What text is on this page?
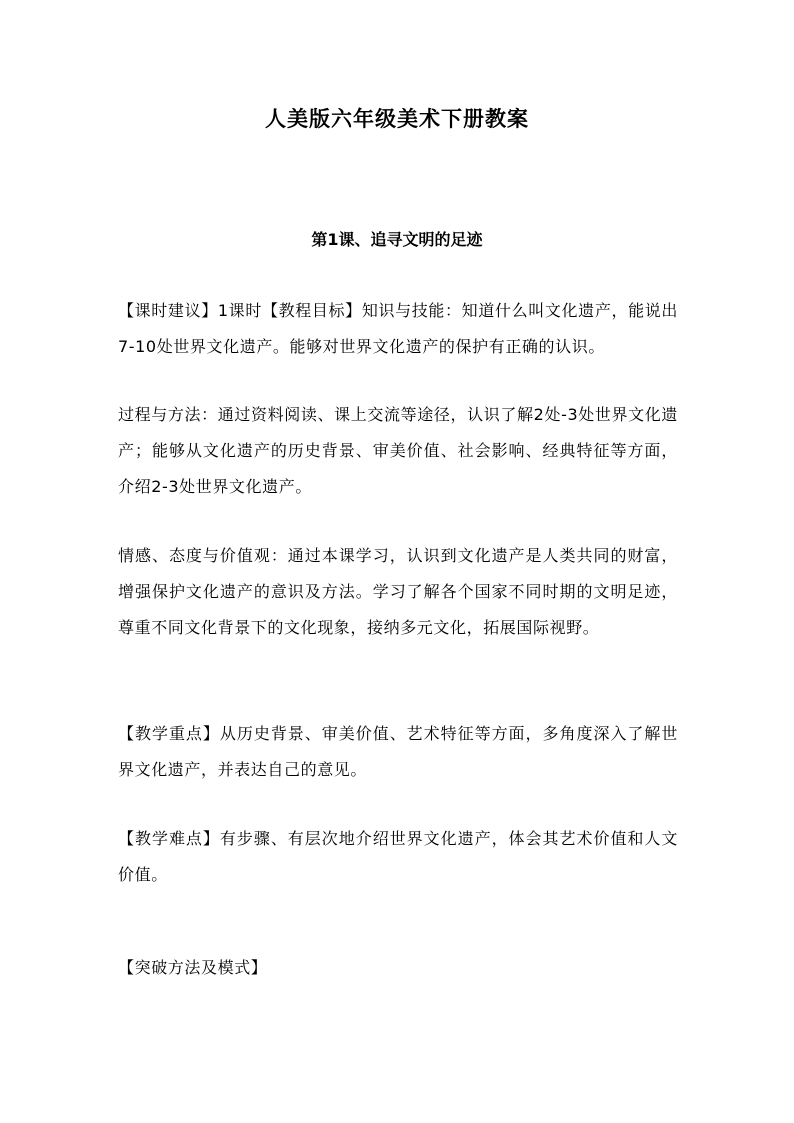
人美版六年级美术下册教案
第1课、追寻文明的足迹

【课时建议】1课时【教程目标】知识与技能：知道什么叫文化遗产，能说出7-10处世界文化遗产。能够对世界文化遗产的保护有正确的认识。

过程与方法：通过资料阅读、课上交流等途径，认识了解2处-3处世界文化遗产；能够从文化遗产的历史背景、审美价值、社会影响、经典特征等方面，介绍2-3处世界文化遗产。

情感、态度与价值观：通过本课学习，认识到文化遗产是人类共同的财富，增强保护文化遗产的意识及方法。学习了解各个国家不同时期的文明足迹，尊重不同文化背景下的文化现象，接纳多元文化，拓展国际视野。

【教学重点】从历史背景、审美价值、艺术特征等方面，多角度深入了解世界文化遗产，并表达自己的意见。

【教学难点】有步骤、有层次地介绍世界文化遗产，体会其艺术价值和人文价值。

【突破方法及模式】
